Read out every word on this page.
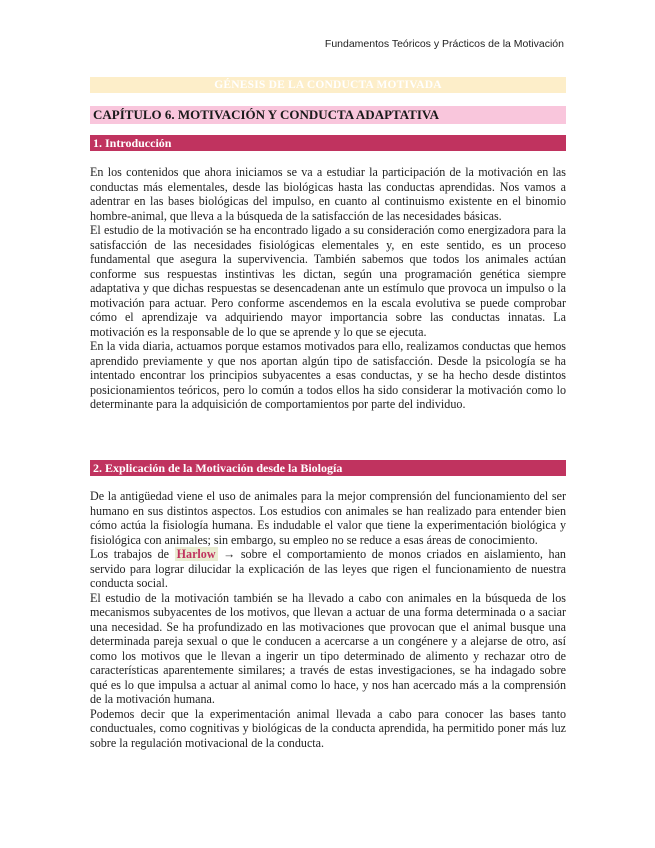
Fundamentos Teóricos y Prácticos de la Motivación
GÉNESIS DE LA CONDUCTA MOTIVADA
CAPÍTULO 6. MOTIVACIÓN Y CONDUCTA ADAPTATIVA
1. Introducción

En los contenidos que ahora iniciamos se va a estudiar la participación de la motivación en las conductas más elementales, desde las biológicas hasta las conductas aprendidas. Nos vamos a adentrar en las bases biológicas del impulso, en cuanto al continuismo existente en el binomio hombre-animal, que lleva a la búsqueda de la satisfacción de las necesidades básicas.

El estudio de la motivación se ha encontrado ligado a su consideración como energizadora para la satisfacción de las necesidades fisiológicas elementales y, en este sentido, es un proceso fundamental que asegura la supervivencia. También sabemos que todos los animales actúan conforme sus respuestas instintivas les dictan, según una programación genética siempre adaptativa y que dichas respuestas se desencadenan ante un estímulo que provoca un impulso o la motivación para actuar. Pero conforme ascendemos en la escala evolutiva se puede comprobar cómo el aprendizaje va adquiriendo mayor importancia sobre las conductas innatas. La motivación es la responsable de lo que se aprende y lo que se ejecuta.

En la vida diaria, actuamos porque estamos motivados para ello, realizamos conductas que hemos aprendido previamente y que nos aportan algún tipo de satisfacción. Desde la psicología se ha intentado encontrar los principios subyacentes a esas conductas, y se ha hecho desde distintos posicionamientos teóricos, pero lo común a todos ellos ha sido considerar la motivación como lo determinante para la adquisición de comportamientos por parte del individuo.

2. Explicación de la Motivación desde la Biología

De la antigüedad viene el uso de animales para la mejor comprensión del funcionamiento del ser humano en sus distintos aspectos. Los estudios con animales se han realizado para entender bien cómo actúa la fisiología humana. Es indudable el valor que tiene la experimentación biológica y fisiológica con animales; sin embargo, su empleo no se reduce a esas áreas de conocimiento.

Los trabajos de Harlow → sobre el comportamiento de monos criados en aislamiento, han servido para lograr dilucidar la explicación de las leyes que rigen el funcionamiento de nuestra conducta social.

El estudio de la motivación también se ha llevado a cabo con animales en la búsqueda de los mecanismos subyacentes de los motivos, que llevan a actuar de una forma determinada o a saciar una necesidad. Se ha profundizado en las motivaciones que provocan que el animal busque una determinada pareja sexual o que le conducen a acercarse a un congénere y a alejarse de otro, así como los motivos que le llevan a ingerir un tipo determinado de alimento y rechazar otro de características aparentemente similares; a través de estas investigaciones, se ha indagado sobre qué es lo que impulsa a actuar al animal como lo hace, y nos han acercado más a la comprensión de la motivación humana.

Podemos decir que la experimentación animal llevada a cabo para conocer las bases tanto conductuales, como cognitivas y biológicas de la conducta aprendida, ha permitido poner más luz sobre la regulación motivacional de la conducta.
